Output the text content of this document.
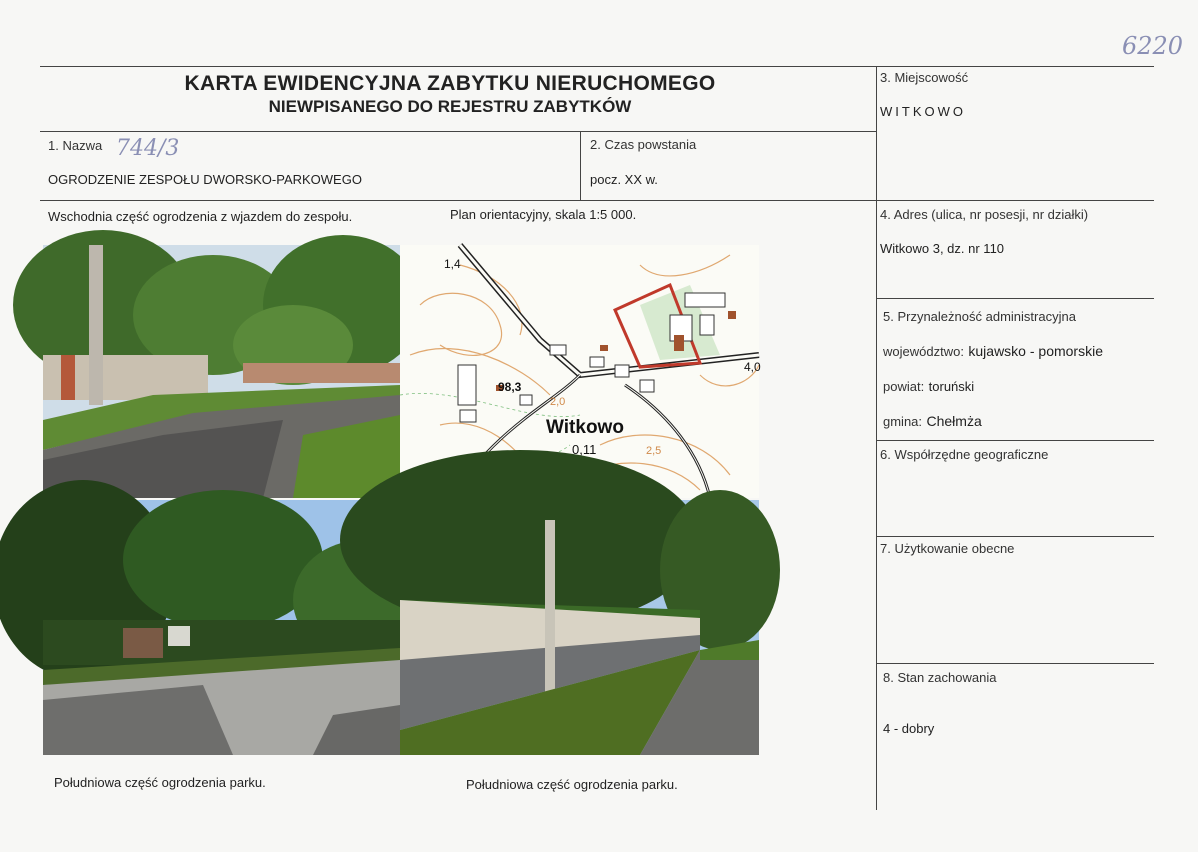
6220
KARTA EWIDENCYJNA ZABYTKU NIERUCHOMEGO
NIEWPISANEGO DO REJESTRU ZABYTKÓW
1. Nazwa 744/3
OGRODZENIE ZESPOŁU DWORSKO-PARKOWEGO
2. Czas powstania
pocz. XX w.
3. Miejscowość
WITKOWO
4. Adres (ulica, nr posesji, nr działki)
Witkowo 3, dz. nr 110
5. Przynależność administracyjna
województwo: kujawsko - pomorskie
powiat: toruński
gmina: Chełmża
6. Współrzędne geograficzne
7. Użytkowanie obecne
8. Stan zachowania
4 - dobry
Wschodnia część ogrodzenia z wjazdem do zespołu.	Plan orientacyjny, skala 1:5 000.
Południowa część ogrodzenia parku.	Południowa część ogrodzenia parku.
1,4
98,3
Witkowo
0,11
2,0
2,5
4,0
